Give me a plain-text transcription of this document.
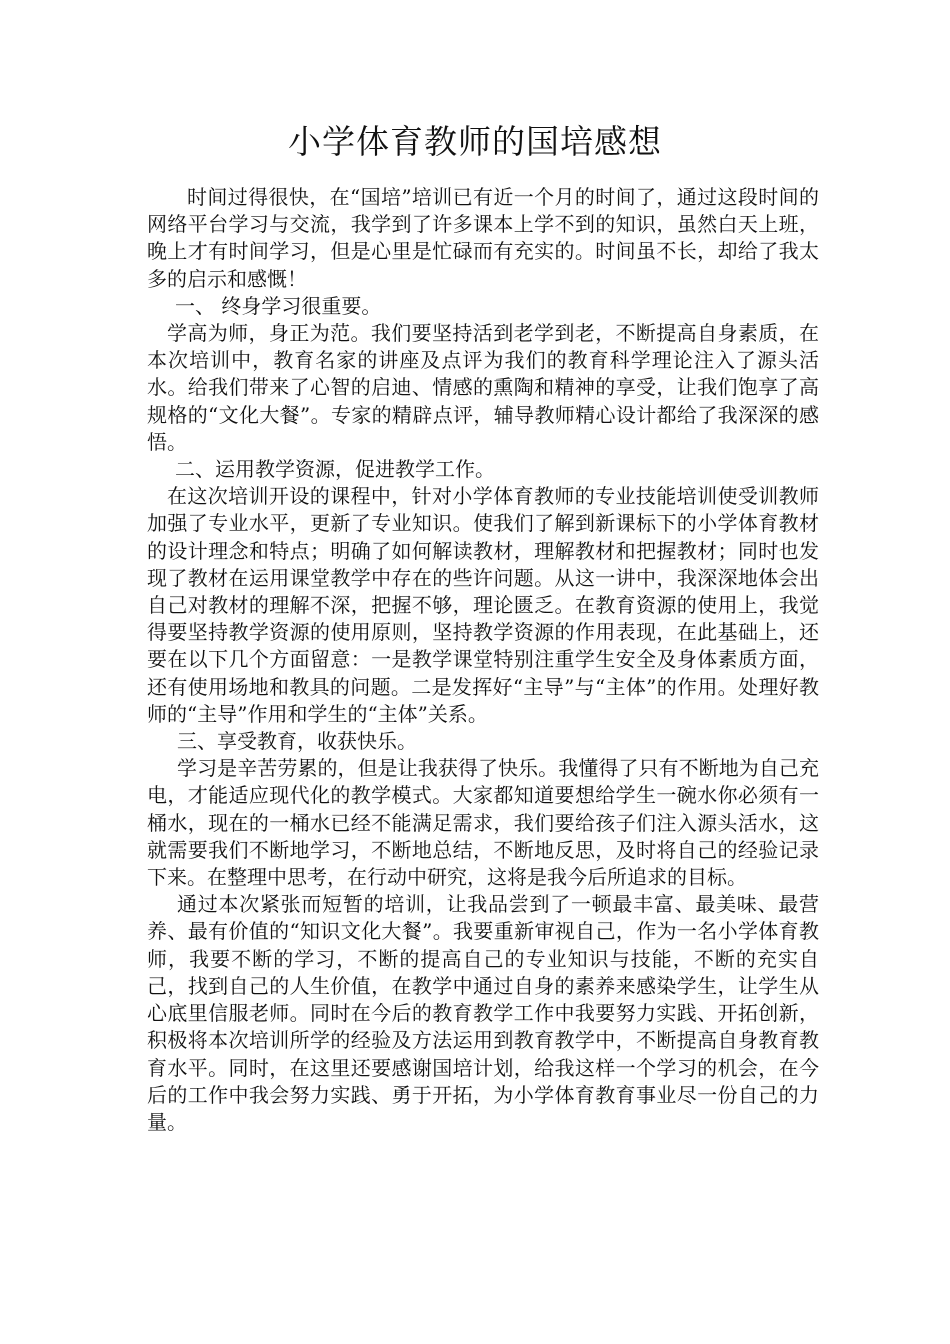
小学体育教师的国培感想

时间过得很快，在“国培”培训已有近一个月的时间了，通过这段时间的网络平台学习与交流，我学到了许多课本上学不到的知识，虽然白天上班，晚上才有时间学习，但是心里是忙碌而有充实的。时间虽不长，却给了我太多的启示和感慨！

一、 终身学习很重要。

学高为师，身正为范。我们要坚持活到老学到老，不断提高自身素质，在本次培训中，教育名家的讲座及点评为我们的教育科学理论注入了源头活水。给我们带来了心智的启迪、情感的熏陶和精神的享受，让我们饱享了高规格的“文化大餐”。专家的精辟点评，辅导教师精心设计都给了我深深的感悟。

二、运用教学资源，促进教学工作。

在这次培训开设的课程中，针对小学体育教师的专业技能培训使受训教师加强了专业水平，更新了专业知识。使我们了解到新课标下的小学体育教材的设计理念和特点；明确了如何解读教材，理解教材和把握教材；同时也发现了教材在运用课堂教学中存在的些许问题。从这一讲中，我深深地体会出自己对教材的理解不深，把握不够，理论匮乏。在教育资源的使用上，我觉得要坚持教学资源的使用原则，坚持教学资源的作用表现，在此基础上，还要在以下几个方面留意：一是教学课堂特别注重学生安全及身体素质方面，还有使用场地和教具的问题。二是发挥好“主导”与“主体”的作用。处理好教师的“主导”作用和学生的“主体”关系。

三、享受教育，收获快乐。

学习是辛苦劳累的，但是让我获得了快乐。我懂得了只有不断地为自己充电，才能适应现代化的教学模式。大家都知道要想给学生一碗水你必须有一桶水，现在的一桶水已经不能满足需求，我们要给孩子们注入源头活水，这就需要我们不断地学习，不断地总结，不断地反思，及时将自己的经验记录下来。在整理中思考，在行动中研究，这将是我今后所追求的目标。

通过本次紧张而短暂的培训，让我品尝到了一顿最丰富、最美味、最营养、最有价值的“知识文化大餐”。我要重新审视自己，作为一名小学体育教师，我要不断的学习，不断的提高自己的专业知识与技能，不断的充实自己，找到自己的人生价值，在教学中通过自身的素养来感染学生，让学生从心底里信服老师。同时在今后的教育教学工作中我要努力实践、开拓创新，积极将本次培训所学的经验及方法运用到教育教学中，不断提高自身教育教育水平。同时，在这里还要感谢国培计划，给我这样一个学习的机会，在今后的工作中我会努力实践、勇于开拓，为小学体育教育事业尽一份自己的力量。
